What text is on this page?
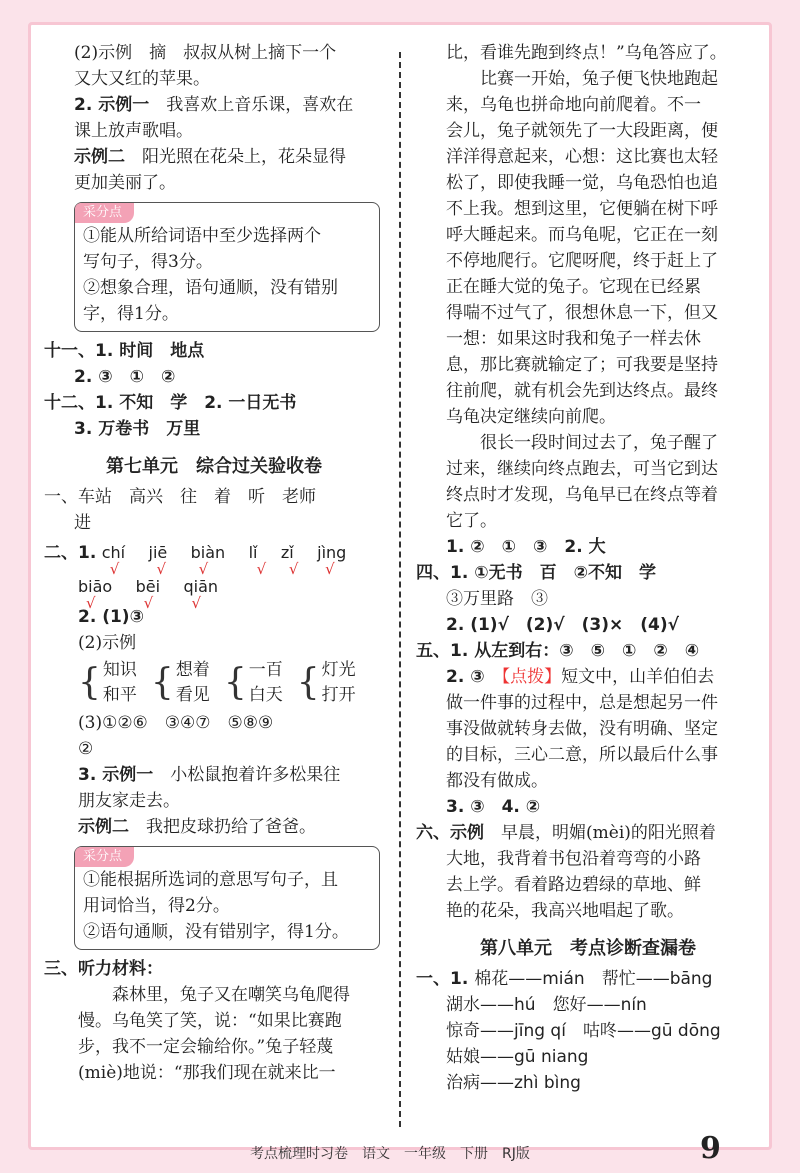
(2)示例　摘　叔叔从树上摘下一个

又大又红的苹果。

2. 示例一　我喜欢上音乐课，喜欢在

课上放声歌唱。

示例二　阳光照在花朵上，花朵显得

更加美丽了。

采分点

①能从所给词语中至少选择两个

写句子，得3分。

②想象合理，语句通顺，没有错别

字，得1分。

十一、1. 时间　地点

2. ③　①　②

十二、1. 不知　学　2. 一日无书

3. 万卷书　万里

第七单元　综合过关验收卷

一、车站　高兴　往　着　听　老师

进

二、1. chí
√
jiē
√
biàn
√
lǐ
√
zǐ
√
jìng
√

biāo
√
bēi
√
qiān
√

2. (1)③

(2)示例

{ 知识
和平 { 想着
看见 { 一百
白天 { 灯光
打开

(3)①②⑥　③④⑦　⑤⑧⑨

②

3. 示例一　小松鼠抱着许多松果往

朋友家走去。

示例二　我把皮球扔给了爸爸。

采分点

①能根据所选词的意思写句子，且

用词恰当，得2分。

②语句通顺，没有错别字，得1分。

三、听力材料：

森林里，兔子又在嘲笑乌龟爬得

慢。乌龟笑了笑，说：“如果比赛跑

步，我不一定会输给你。”兔子轻蔑

(miè)地说：“那我们现在就来比一

比，看谁先跑到终点！”乌龟答应了。

比赛一开始，兔子便飞快地跑起

来，乌龟也拼命地向前爬着。不一

会儿，兔子就领先了一大段距离，便

洋洋得意起来，心想：这比赛也太轻

松了，即使我睡一觉，乌龟恐怕也追

不上我。想到这里，它便躺在树下呼

呼大睡起来。而乌龟呢，它正在一刻

不停地爬行。它爬呀爬，终于赶上了

正在睡大觉的兔子。它现在已经累

得喘不过气了，很想休息一下，但又

一想：如果这时我和兔子一样去休

息，那比赛就输定了；可我要是坚持

往前爬，就有机会先到达终点。最终

乌龟决定继续向前爬。

很长一段时间过去了，兔子醒了

过来，继续向终点跑去，可当它到达

终点时才发现，乌龟早已在终点等着

它了。

1. ②　①　③　2. 大

四、1. ①无书　百　②不知　学

③万里路　③

2. (1)√　(2)√　(3)×　(4)√

五、1. 从左到右：③　⑤　①　②　④

2. ③　 【点拨】短文中，山羊伯伯去

做一件事的过程中，总是想起另一件

事没做就转身去做，没有明确、坚定

的目标，三心二意，所以最后什么事

都没有做成。

3. ③　4. ②

六、示例　 早晨，明媚(mèi)的阳光照着

大地，我背着书包沿着弯弯的小路

去上学。看着路边碧绿的草地、鲜

艳的花朵，我高兴地唱起了歌。

第八单元　考点诊断查漏卷

一、1. 棉花——mián　 帮忙——bāng

湖水——hú　 您好——nín

惊奇——jīng qí　 咕咚——gū dōng

姑娘——gū niang

治病——zhì bìng

考点梳理时习卷　语文　一年级　下册　RJ版	9
